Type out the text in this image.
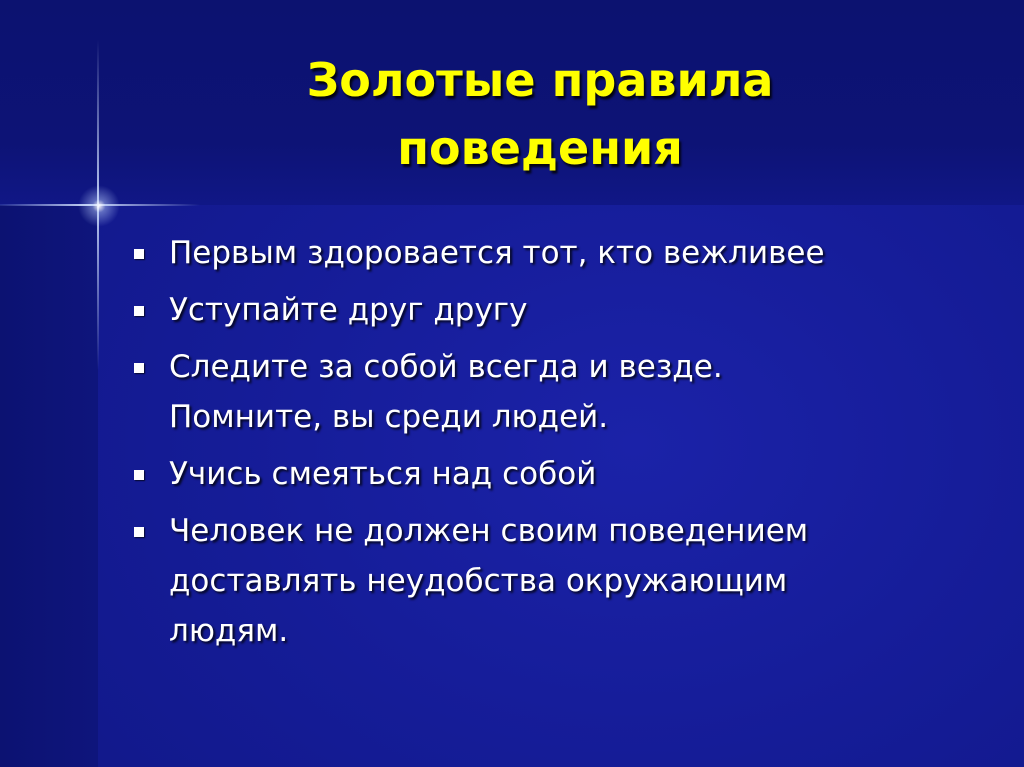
Золотые правила
поведения
Первым здоровается тот, кто вежливее
Уступайте друг другу
Следите за собой всегда и везде.
Помните, вы среди людей.
Учись смеяться над собой
Человек не должен своим поведением
доставлять неудобства окружающим
людям.
